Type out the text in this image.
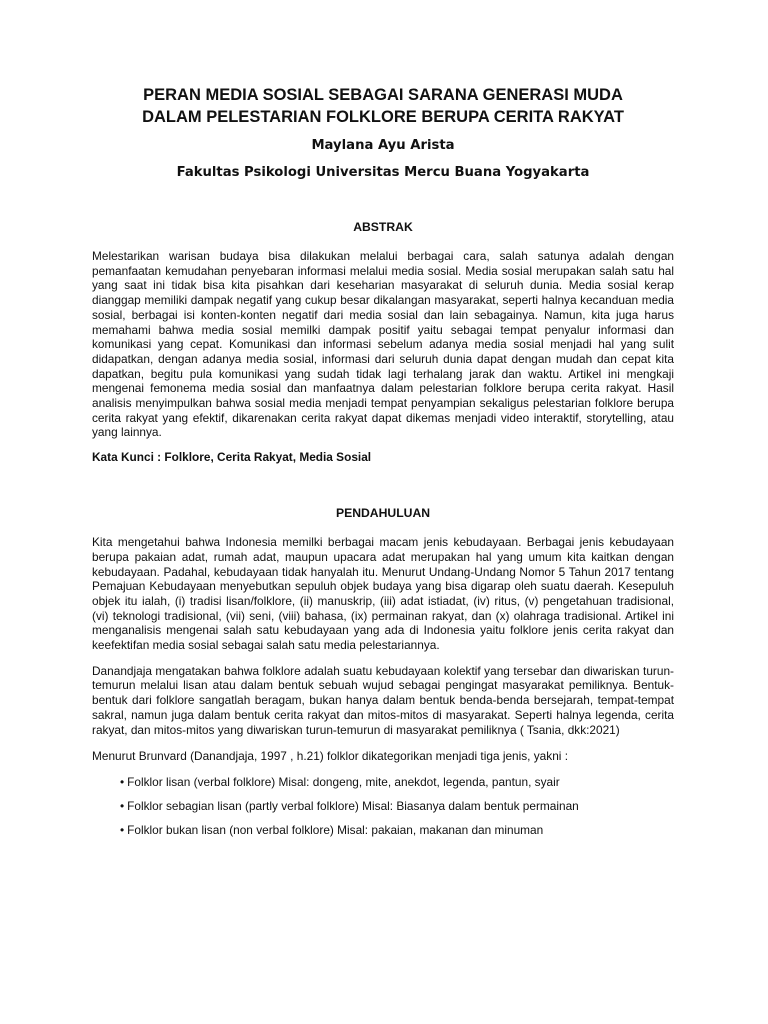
PERAN MEDIA SOSIAL SEBAGAI SARANA GENERASI MUDA
DALAM PELESTARIAN FOLKLORE BERUPA CERITA RAKYAT
Maylana Ayu Arista
Fakultas Psikologi Universitas Mercu Buana Yogyakarta
ABSTRAK

Melestarikan warisan budaya bisa dilakukan melalui berbagai cara, salah satunya adalah dengan pemanfaatan kemudahan penyebaran informasi melalui media sosial. Media sosial merupakan salah satu hal yang saat ini tidak bisa kita pisahkan dari keseharian masyarakat di seluruh dunia. Media sosial kerap dianggap memiliki dampak negatif yang cukup besar dikalangan masyarakat, seperti halnya kecanduan media sosial, berbagai isi konten-konten negatif dari media sosial dan lain sebagainya. Namun, kita juga harus memahami bahwa media sosial memilki dampak positif yaitu sebagai tempat penyalur informasi dan komunikasi yang cepat. Komunikasi dan informasi sebelum adanya media sosial menjadi hal yang sulit didapatkan, dengan adanya media sosial, informasi dari seluruh dunia dapat dengan mudah dan cepat kita dapatkan, begitu pula komunikasi yang sudah tidak lagi terhalang jarak dan waktu. Artikel ini mengkaji mengenai femonema media sosial dan manfaatnya dalam pelestarian folklore berupa cerita rakyat. Hasil analisis menyimpulkan bahwa sosial media menjadi tempat penyampian sekaligus pelestarian folklore berupa cerita rakyat yang efektif, dikarenakan cerita rakyat dapat dikemas menjadi video interaktif, storytelling, atau yang lainnya.

Kata Kunci : Folklore, Cerita Rakyat, Media Sosial
PENDAHULUAN

Kita mengetahui bahwa Indonesia memilki berbagai macam jenis kebudayaan. Berbagai jenis kebudayaan berupa pakaian adat, rumah adat, maupun upacara adat merupakan hal yang umum kita kaitkan dengan kebudayaan. Padahal, kebudayaan tidak hanyalah itu. Menurut Undang-Undang Nomor 5 Tahun 2017 tentang Pemajuan Kebudayaan menyebutkan sepuluh objek budaya yang bisa digarap oleh suatu daerah. Kesepuluh objek itu ialah, (i) tradisi lisan/folklore, (ii) manuskrip, (iii) adat istiadat, (iv) ritus, (v) pengetahuan tradisional, (vi) teknologi tradisional, (vii) seni, (viii) bahasa, (ix) permainan rakyat, dan (x) olahraga tradisional. Artikel ini menganalisis mengenai salah satu kebudayaan yang ada di Indonesia yaitu folklore jenis cerita rakyat dan keefektifan media sosial sebagai salah satu media pelestariannya.

Danandjaja mengatakan bahwa folklore adalah suatu kebudayaan kolektif yang tersebar dan diwariskan turun-temurun melalui lisan atau dalam bentuk sebuah wujud sebagai pengingat masyarakat pemiliknya. Bentuk-bentuk dari folklore sangatlah beragam, bukan hanya dalam bentuk benda-benda bersejarah, tempat-tempat sakral, namun juga dalam bentuk cerita rakyat dan mitos-mitos di masyarakat. Seperti halnya legenda, cerita rakyat, dan mitos-mitos yang diwariskan turun-temurun di masyarakat pemiliknya ( Tsania, dkk:2021)

Menurut Brunvard (Danandjaja, 1997 , h.21) folklor dikategorikan menjadi tiga jenis, yakni :

• Folklor lisan (verbal folklore) Misal: dongeng, mite, anekdot, legenda, pantun, syair
• Folklor sebagian lisan (partly verbal folklore) Misal: Biasanya dalam bentuk permainan
• Folklor bukan lisan (non verbal folklore) Misal: pakaian, makanan dan minuman
